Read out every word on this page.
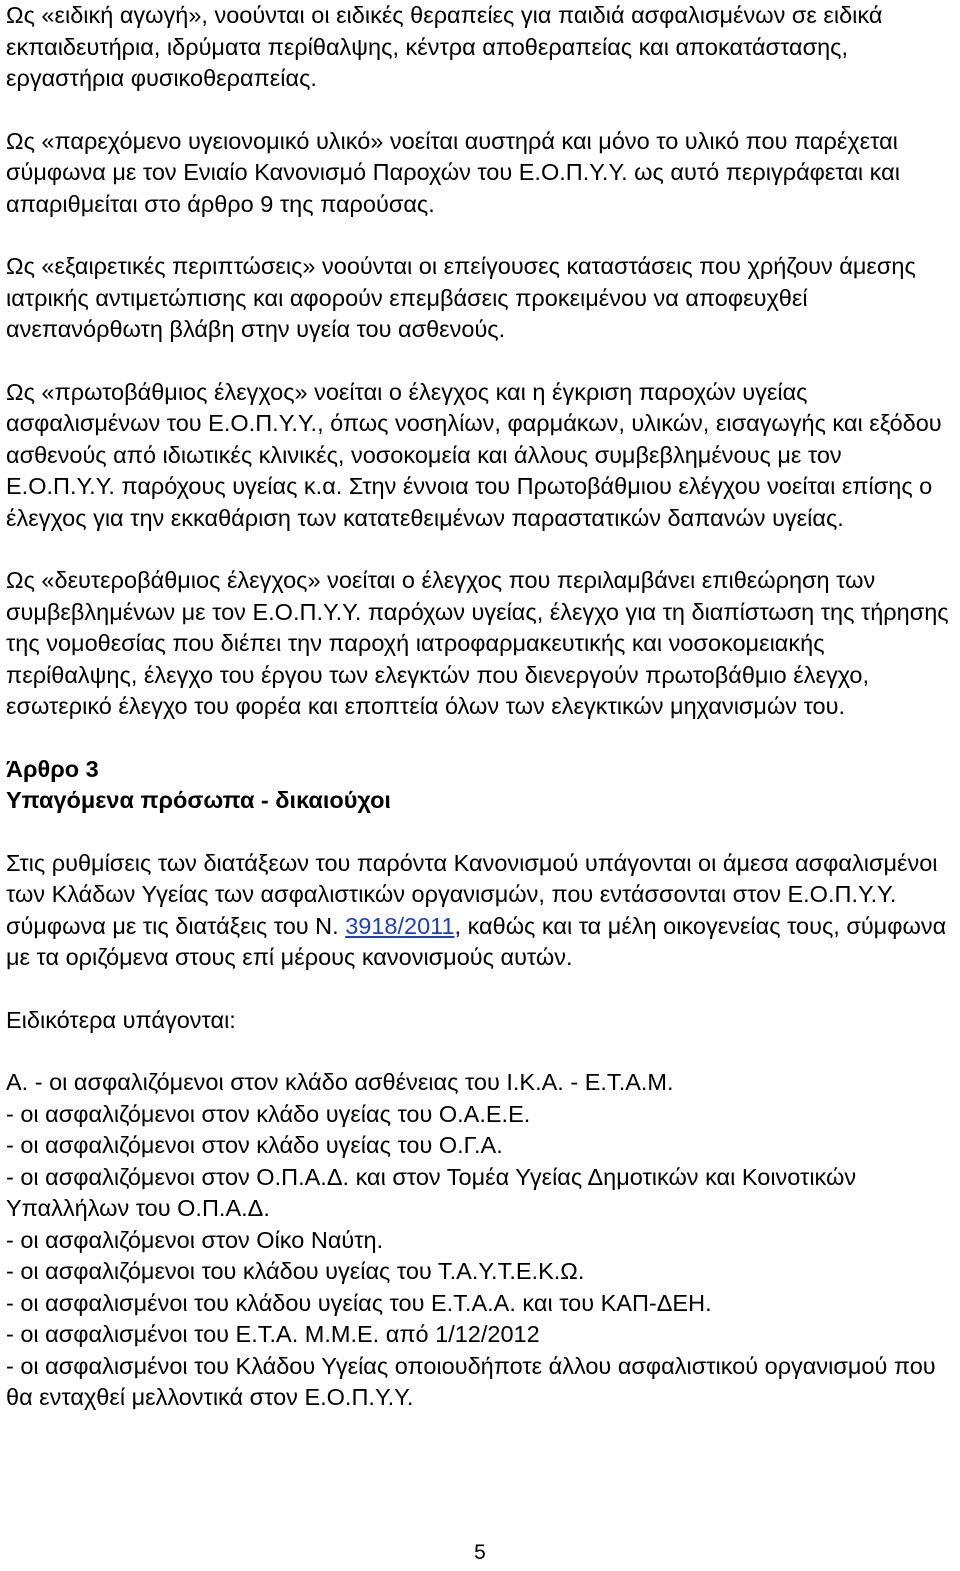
Ως «ειδική αγωγή», νοούνται οι ειδικές θεραπείες για παιδιά ασφαλισμένων σε ειδικά εκπαιδευτήρια, ιδρύματα περίθαλψης, κέντρα αποθεραπείας και αποκατάστασης, εργαστήρια φυσικοθεραπείας.

Ως «παρεχόμενο υγειονομικό υλικό» νοείται αυστηρά και μόνο το υλικό που παρέχεται σύμφωνα με τον Ενιαίο Κανονισμό Παροχών του Ε.Ο.Π.Υ.Υ. ως αυτό περιγράφεται και απαριθμείται στο άρθρο 9 της παρούσας.

Ως «εξαιρετικές περιπτώσεις» νοούνται οι επείγουσες καταστάσεις που χρήζουν άμεσης ιατρικής αντιμετώπισης και αφορούν επεμβάσεις προκειμένου να αποφευχθεί ανεπανόρθωτη βλάβη στην υγεία του ασθενούς.

Ως «πρωτοβάθμιος έλεγχος» νοείται ο έλεγχος και η έγκριση παροχών υγείας ασφαλισμένων του Ε.Ο.Π.Υ.Υ., όπως νοσηλίων, φαρμάκων, υλικών, εισαγωγής και εξόδου ασθενούς από ιδιωτικές κλινικές, νοσοκομεία και άλλους συμβεβλημένους με τον Ε.Ο.Π.Υ.Υ. παρόχους υγείας κ.α. Στην έννοια του Πρωτοβάθμιου ελέγχου νοείται επίσης ο έλεγχος για την εκκαθάριση των κατατεθειμένων παραστατικών δαπανών υγείας.

Ως «δευτεροβάθμιος έλεγχος» νοείται ο έλεγχος που περιλαμβάνει επιθεώρηση των συμβεβλημένων με τον Ε.Ο.Π.Υ.Υ. παρόχων υγείας, έλεγχο για τη διαπίστωση της τήρησης της νομοθεσίας που διέπει την παροχή ιατροφαρμακευτικής και νοσοκομειακής περίθαλψης, έλεγχο του έργου των ελεγκτών που διενεργούν πρωτοβάθμιο έλεγχο, εσωτερικό έλεγχο του φορέα και εποπτεία όλων των ελεγκτικών μηχανισμών του.

Άρθρο 3

Υπαγόμενα πρόσωπα - δικαιούχοι

Στις ρυθμίσεις των διατάξεων του παρόντα Κανονισμού υπάγονται οι άμεσα ασφαλισμένοι των Κλάδων Υγείας των ασφαλιστικών οργανισμών, που εντάσσονται στον Ε.Ο.Π.Υ.Υ. σύμφωνα με τις διατάξεις του Ν. 3918/2011, καθώς και τα μέλη οικογενείας τους, σύμφωνα με τα οριζόμενα στους επί μέρους κανονισμούς αυτών.

Ειδικότερα υπάγονται:

Α. - οι ασφαλιζόμενοι στον κλάδο ασθένειας του Ι.Κ.Α. - Ε.Τ.Α.Μ.

- οι ασφαλιζόμενοι στον κλάδο υγείας του Ο.Α.Ε.Ε.

- οι ασφαλιζόμενοι στον κλάδο υγείας του Ο.Γ.Α.

- οι ασφαλιζόμενοι στον Ο.Π.Α.Δ. και στον Τομέα Υγείας Δημοτικών και Κοινοτικών Υπαλλήλων του Ο.Π.Α.Δ.

- οι ασφαλιζόμενοι στον Οίκο Ναύτη.

- οι ασφαλιζόμενοι του κλάδου υγείας του Τ.Α.Υ.Τ.Ε.Κ.Ω.

- οι ασφαλισμένοι του κλάδου υγείας του Ε.Τ.Α.Α. και του ΚΑΠ-ΔΕΗ.

- οι ασφαλισμένοι του Ε.Τ.Α. Μ.Μ.Ε. από 1/12/2012

- οι ασφαλισμένοι του Κλάδου Υγείας οποιουδήποτε άλλου ασφαλιστικού οργανισμού που θα ενταχθεί μελλοντικά στον Ε.Ο.Π.Υ.Υ.

5
